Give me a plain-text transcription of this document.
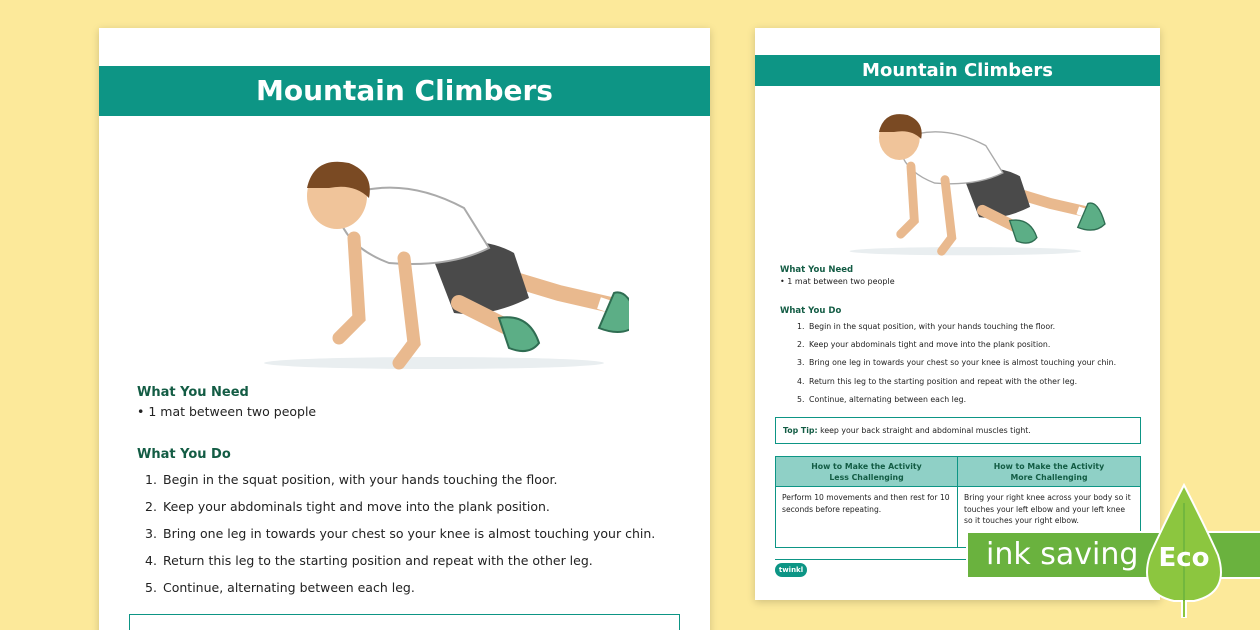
Mountain Climbers
What You Need
• 1 mat between two people
What You Do
1. Begin in the squat position, with your hands touching the floor.
2. Keep your abdominals tight and move into the plank position.
3. Bring one leg in towards your chest so your knee is almost touching your chin.
4. Return this leg to the starting position and repeat with the other leg.
5. Continue, alternating between each leg.
Mountain Climbers
What You Need
• 1 mat between two people
What You Do
1. Begin in the squat position, with your hands touching the floor.
2. Keep your abdominals tight and move into the plank position.
3. Bring one leg in towards your chest so your knee is almost touching your chin.
4. Return this leg to the starting position and repeat with the other leg.
5. Continue, alternating between each leg.
Top Tip: keep your back straight and abdominal muscles tight.
How to Make the Activity
Less Challenging
How to Make the Activity
More Challenging
Perform 10 movements and then rest for 10 seconds before repeating.
Bring your right knee across your body so it touches your left elbow and your left knee so it touches your right elbow.
twinkl	ink saving Eco
